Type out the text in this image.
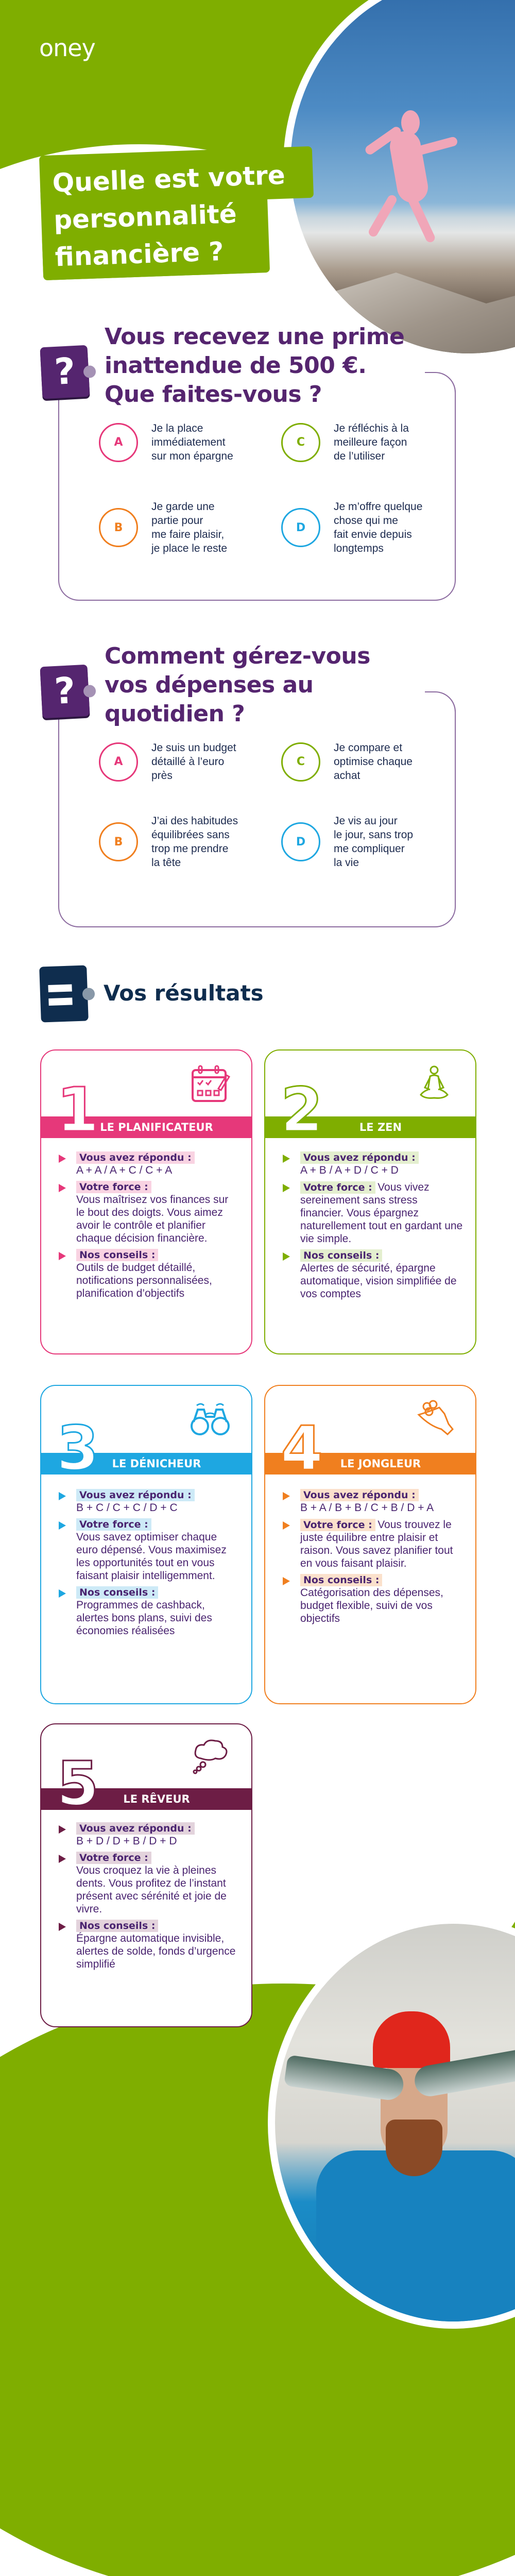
oney
Quelle est votre
personnalité
financière ?
?
Vous recevez une prime
inattendue de 500 €.
Que faites-vous ?
A
Je la place
immédiatement
sur mon épargne
B
Je garde une
partie pour
me faire plaisir,
je place le reste
C
Je réfléchis à la
meilleure façon
de l’utiliser
D
Je m’offre quelque
chose qui me
fait envie depuis
longtemps
?
Comment gérez-vous
vos dépenses au
quotidien ?
A
Je suis un budget
détaillé à l’euro
près
B
J’ai des habitudes
équilibrées sans
trop me prendre
la tête
C
Je compare et
optimise chaque
achat
D
Je vis au jour
le jour, sans trop
me compliquer
la vie
Vos résultats
LE PLANIFICATEUR
1
Vous avez répondu :
A + A / A + C / C + A
Votre force :
Vous maîtrisez vos finances sur le bout des doigts. Vous aimez avoir le contrôle et planifier chaque décision financière.
Nos conseils :
Outils de budget détaillé, notifications personnalisées, planification d’objectifs
LE ZEN
2
Vous avez répondu :
A + B / A + D / C + D
Votre force : Vous vivez sereinement sans stress financier. Vous épargnez naturellement tout en gardant une vie simple.
Nos conseils :
Alertes de sécurité, épargne automatique, vision simplifiée de vos comptes
LE DÉNICHEUR
3
Vous avez répondu :
B + C / C + C / D + C
Votre force :
Vous savez optimiser chaque euro dépensé. Vous maximisez les opportunités tout en vous faisant plaisir intelligemment.
Nos conseils :
Programmes de cashback, alertes bons plans, suivi des économies réalisées
LE JONGLEUR
4
Vous avez répondu :
B + A / B + B / C + B / D + A
Votre force : Vous trouvez le juste équilibre entre plaisir et raison. Vous savez planifier tout en vous faisant plaisir.
Nos conseils :
Catégorisation des dépenses, budget flexible, suivi de vos objectifs
LE RÊVEUR
5
Vous avez répondu :
B + D / D + B / D + D
Votre force :
Vous croquez la vie à pleines dents. Vous profitez de l’instant présent avec sérénité et joie de vivre.
Nos conseils :
Épargne automatique invisible, alertes de solde, fonds d’urgence simplifié
